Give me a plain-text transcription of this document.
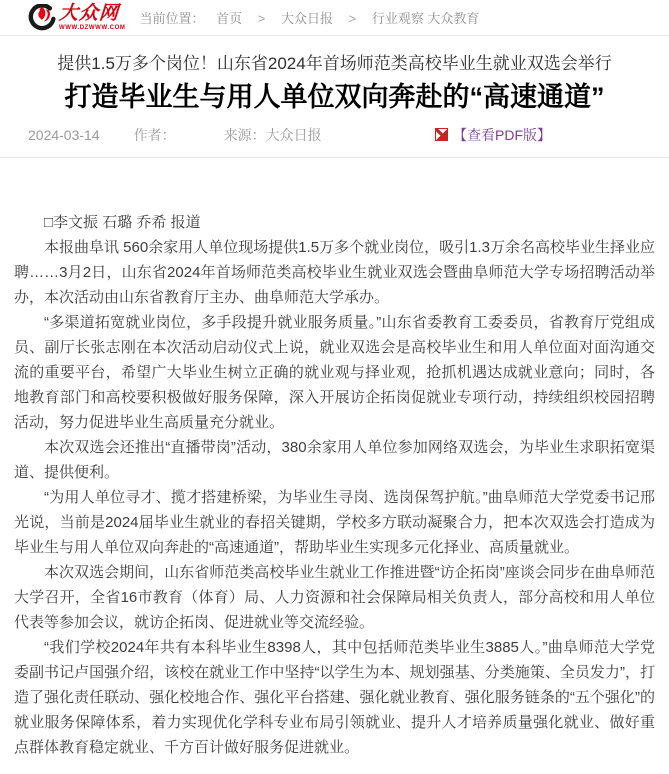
大众网
WWW.DZWWW.COM
当前位置： 首页 > 大众日报 > 行业观察 大众教育
提供1.5万多个岗位！山东省2024年首场师范类高校毕业生就业双选会举行
打造毕业生与用人单位双向奔赴的“高速通道”
2024-03-14 作者：	来源：大众日报	【查看PDF版】

□李文振 石璐 乔希 报道

本报曲阜讯 560余家用人单位现场提供1.5万多个就业岗位，吸引1.3万余名高校毕业生择业应聘……3月2日，山东省2024年首场师范类高校毕业生就业双选会暨曲阜师范大学专场招聘活动举办，本次活动由山东省教育厅主办、曲阜师范大学承办。

“多渠道拓宽就业岗位，多手段提升就业服务质量。”山东省委教育工委委员，省教育厅党组成员、副厅长张志刚在本次活动启动仪式上说，就业双选会是高校毕业生和用人单位面对面沟通交流的重要平台，希望广大毕业生树立正确的就业观与择业观，抢抓机遇达成就业意向；同时，各地教育部门和高校要积极做好服务保障，深入开展访企拓岗促就业专项行动，持续组织校园招聘活动，努力促进毕业生高质量充分就业。

本次双选会还推出“直播带岗”活动，380余家用人单位参加网络双选会，为毕业生求职拓宽渠道、提供便利。

“为用人单位寻才、揽才搭建桥梁，为毕业生寻岗、选岗保驾护航。”曲阜师范大学党委书记邢光说，当前是2024届毕业生就业的春招关键期，学校多方联动凝聚合力，把本次双选会打造成为毕业生与用人单位双向奔赴的“高速通道”，帮助毕业生实现多元化择业、高质量就业。

本次双选会期间，山东省师范类高校毕业生就业工作推进暨“访企拓岗”座谈会同步在曲阜师范大学召开，全省16市教育（体育）局、人力资源和社会保障局相关负责人，部分高校和用人单位代表等参加会议，就访企拓岗、促进就业等交流经验。

“我们学校2024年共有本科毕业生8398人，其中包括师范类毕业生3885人。”曲阜师范大学党委副书记卢国强介绍，该校在就业工作中坚持“以学生为本、规划强基、分类施策、全员发力”，打造了强化责任联动、强化校地合作、强化平台搭建、强化就业教育、强化服务链条的“五个强化”的就业服务保障体系，着力实现优化学科专业布局引领就业、提升人才培养质量强化就业、做好重点群体教育稳定就业、千方百计做好服务促进就业。
